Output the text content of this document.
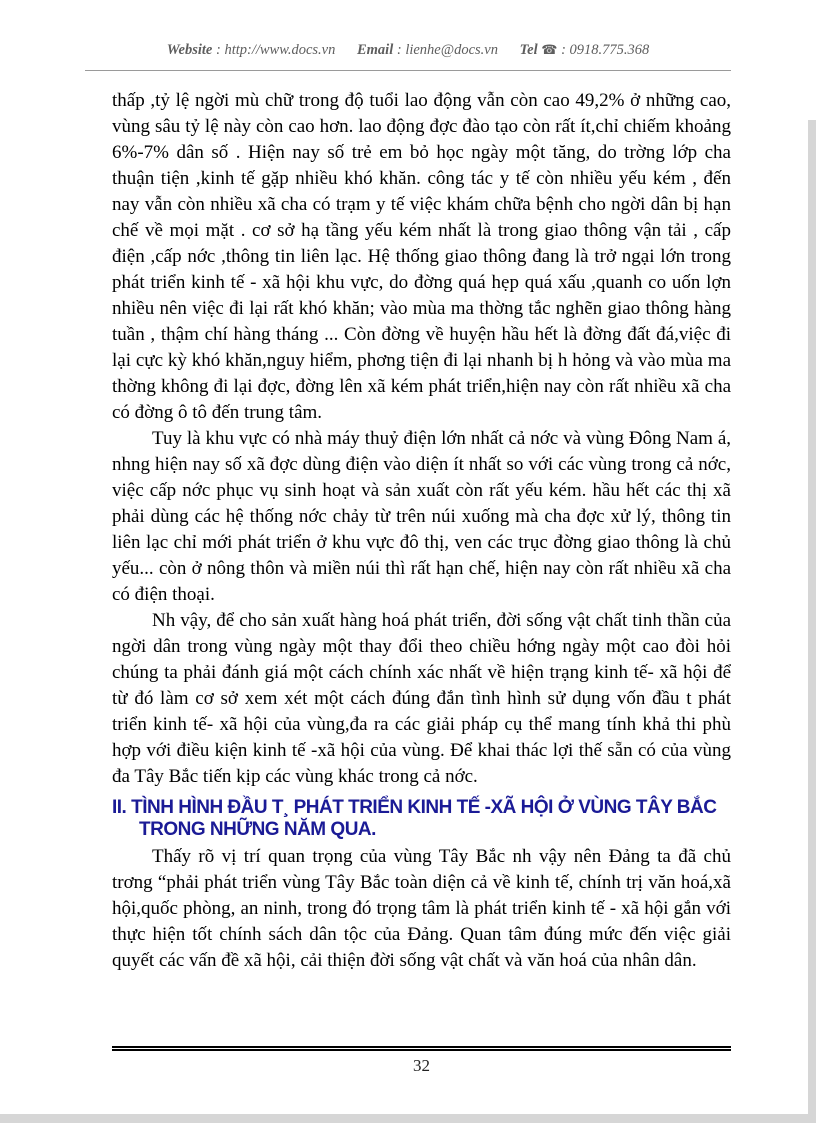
Website : http://www.docs.vn Email : lienhe@docs.vn Tel ☎ : 0918.775.368

thấp ,tỷ lệ ngời mù chữ trong độ tuổi lao động vẫn còn cao 49,2% ở những cao, vùng sâu tỷ lệ này còn cao hơn. lao động đợc đào tạo còn rất ít,chỉ chiếm khoảng 6%-7% dân số . Hiện nay số trẻ em bỏ học ngày một tăng, do trờng lớp cha thuận tiện ,kinh tế gặp nhiều khó khăn. công tác y tế còn nhiều yếu kém , đến nay vẫn còn nhiều xã cha có trạm y tế việc khám chữa bệnh cho ngời dân bị hạn chế về mọi mặt . cơ sở hạ tầng yếu kém nhất là trong giao thông vận tải , cấp điện ,cấp nớc ,thông tin liên lạc. Hệ thống giao thông đang là trở ngại lớn trong phát triển kinh tế - xã hội khu vực, do đờng quá hẹp quá xấu ,quanh co uốn lợn nhiều nên việc đi lại rất khó khăn; vào mùa ma thờng tắc nghẽn giao thông hàng tuần , thậm chí hàng tháng ... Còn đờng về huyện hầu hết là đờng đất đá,việc đi lại cực kỳ khó khăn,nguy hiểm, phơng tiện đi lại nhanh bị h hỏng và vào mùa ma thờng không đi lại đợc, đờng lên xã kém phát triển,hiện nay còn rất nhiều xã cha có đờng ô tô đến trung tâm.

Tuy là khu vực có nhà máy thuỷ điện lớn nhất cả nớc và vùng Đông Nam á, nhng hiện nay số xã đợc dùng điện vào diện ít nhất so với các vùng trong cả nớc, việc cấp nớc phục vụ sinh hoạt và sản xuất còn rất yếu kém. hầu hết các thị xã phải dùng các hệ thống nớc chảy từ trên núi xuống mà cha đợc xử lý, thông tin liên lạc chỉ mới phát triển ở khu vực đô thị, ven các trục đờng giao thông là chủ yếu... còn ở nông thôn và miền núi thì rất hạn chế, hiện nay còn rất nhiều xã cha có điện thoại.

Nh vậy, để cho sản xuất hàng hoá phát triển, đời sống vật chất tinh thần của ngời dân trong vùng ngày một thay đổi theo chiều hớng ngày một cao đòi hỏi chúng ta phải đánh giá một cách chính xác nhất về hiện trạng kinh tế- xã hội để từ đó làm cơ sở xem xét một cách đúng đắn tình hình sử dụng vốn đầu t phát triển kinh tế- xã hội của vùng,đa ra các giải pháp cụ thể mang tính khả thi phù hợp với điều kiện kinh tế -xã hội của vùng. Để khai thác lợi thế sẵn có của vùng đa Tây Bắc tiến kịp các vùng khác trong cả nớc.

II. TÌNH HÌNH ĐẦU T¸ PHÁT TRIỂN KINH TẾ -XÃ HỘI Ở VÙNG TÂY BẮC
TRONG NHỮNG NĂM QUA.

Thấy rõ vị trí quan trọng của vùng Tây Bắc nh vậy nên Đảng ta đã chủ trơng “phải phát triển vùng Tây Bắc toàn diện cả về kinh tế, chính trị văn hoá,xã hội,quốc phòng, an ninh, trong đó trọng tâm là phát triển kinh tế - xã hội gắn với thực hiện tốt chính sách dân tộc của Đảng. Quan tâm đúng mức đến việc giải quyết các vấn đề xã hội, cải thiện đời sống vật chất và văn hoá của nhân dân.

32
